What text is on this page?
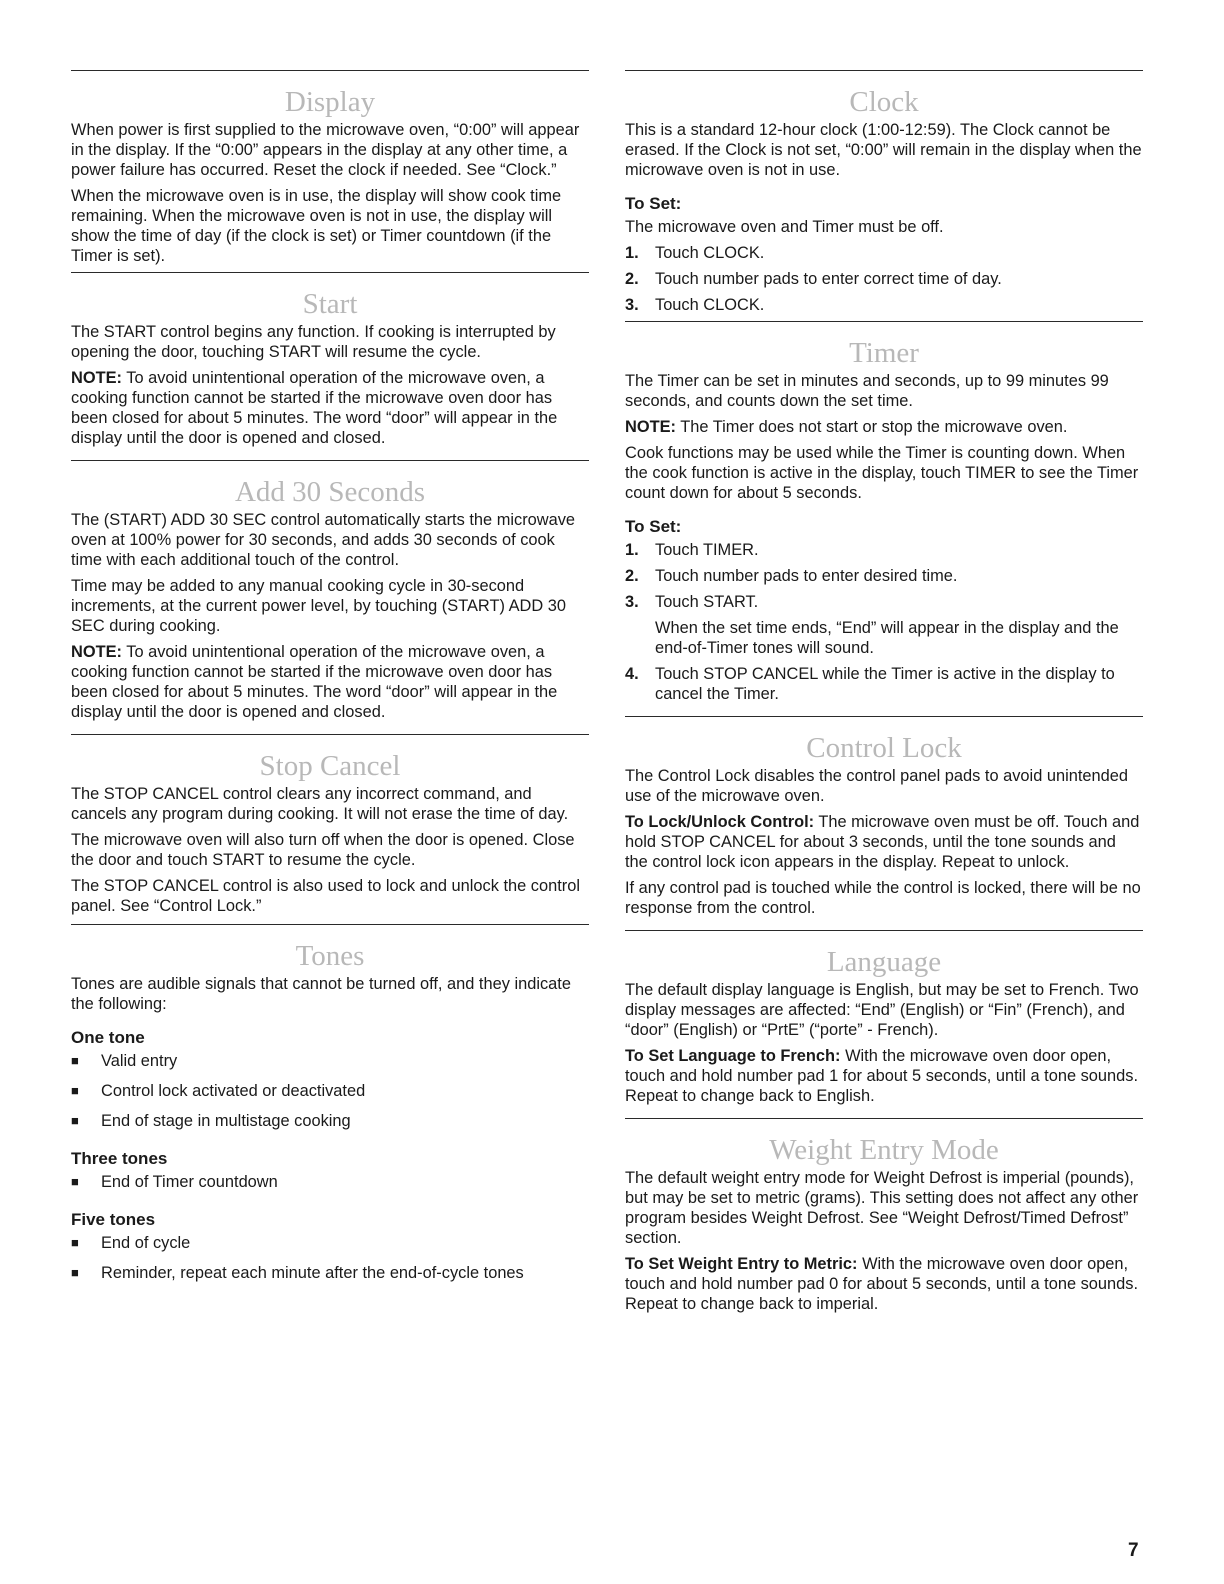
Display

When power is first supplied to the microwave oven, “0:00” will appear in the display. If the “0:00” appears in the display at any other time, a power failure has occurred. Reset the clock if needed. See “Clock.”

When the microwave oven is in use, the display will show cook time remaining. When the microwave oven is not in use, the display will show the time of day (if the clock is set) or Timer countdown (if the Timer is set).

Start

The START control begins any function. If cooking is interrupted by opening the door, touching START will resume the cycle.

NOTE: To avoid unintentional operation of the microwave oven, a cooking function cannot be started if the microwave oven door has been closed for about 5 minutes. The word “door” will appear in the display until the door is opened and closed.

Add 30 Seconds

The (START) ADD 30 SEC control automatically starts the microwave oven at 100% power for 30 seconds, and adds 30 seconds of cook time with each additional touch of the control.

Time may be added to any manual cooking cycle in 30-second increments, at the current power level, by touching (START) ADD 30 SEC during cooking.

NOTE: To avoid unintentional operation of the microwave oven, a cooking function cannot be started if the microwave oven door has been closed for about 5 minutes. The word “door” will appear in the display until the door is opened and closed.

Stop Cancel

The STOP CANCEL control clears any incorrect command, and cancels any program during cooking. It will not erase the time of day.

The microwave oven will also turn off when the door is opened. Close the door and touch START to resume the cycle.

The STOP CANCEL control is also used to lock and unlock the control panel. See “Control Lock.”

Tones

Tones are audible signals that cannot be turned off, and they indicate the following:

One tone
■ Valid entry
■ Control lock activated or deactivated
■ End of stage in multistage cooking
Three tones
■ End of Timer countdown
Five tones
■ End of cycle
■ Reminder, repeat each minute after the end-of-cycle tones
Clock

This is a standard 12-hour clock (1:00-12:59). The Clock cannot be erased. If the Clock is not set, “0:00” will remain in the display when the microwave oven is not in use.

To Set:

The microwave oven and Timer must be off.

1. Touch CLOCK.
2. Touch number pads to enter correct time of day.
3. Touch CLOCK.
Timer

The Timer can be set in minutes and seconds, up to 99 minutes 99 seconds, and counts down the set time.

NOTE: The Timer does not start or stop the microwave oven.

Cook functions may be used while the Timer is counting down. When the cook function is active in the display, touch TIMER to see the Timer count down for about 5 seconds.

To Set:
1. Touch TIMER.
2. Touch number pads to enter desired time.
3. Touch START.
When the set time ends, “End” will appear in the display and the end-of-Timer tones will sound.
4. Touch STOP CANCEL while the Timer is active in the display to cancel the Timer.
Control Lock

The Control Lock disables the control panel pads to avoid unintended use of the microwave oven.

To Lock/Unlock Control: The microwave oven must be off. Touch and hold STOP CANCEL for about 3 seconds, until the tone sounds and the control lock icon appears in the display. Repeat to unlock.

If any control pad is touched while the control is locked, there will be no response from the control.

Language

The default display language is English, but may be set to French. Two display messages are affected: “End” (English) or “Fin” (French), and “door” (English) or “PrtE” (“porte” - French).

To Set Language to French: With the microwave oven door open, touch and hold number pad 1 for about 5 seconds, until a tone sounds. Repeat to change back to English.

Weight Entry Mode

The default weight entry mode for Weight Defrost is imperial (pounds), but may be set to metric (grams). This setting does not affect any other program besides Weight Defrost. See “Weight Defrost/Timed Defrost” section.

To Set Weight Entry to Metric: With the microwave oven door open, touch and hold number pad 0 for about 5 seconds, until a tone sounds. Repeat to change back to imperial.

7
